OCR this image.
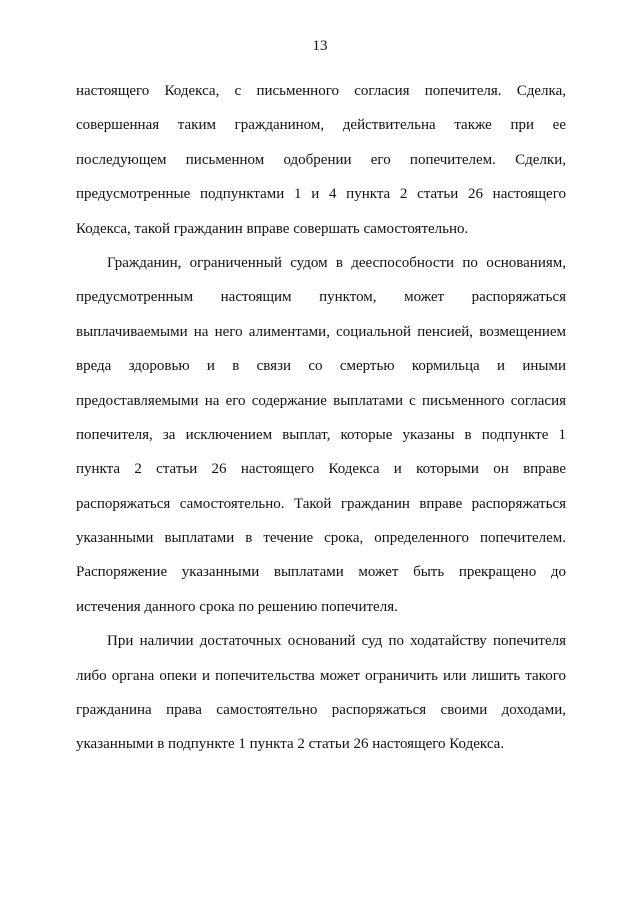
13
настоящего Кодекса, с письменного согласия попечителя. Сделка,
совершенная таким гражданином, действительна также при ее
последующем письменном одобрении его попечителем. Сделки,
предусмотренные подпунктами 1 и 4 пункта 2 статьи 26 настоящего
Кодекса, такой гражданин вправе совершать самостоятельно.
Гражданин, ограниченный судом в дееспособности по основаниям,
предусмотренным настоящим пунктом, может распоряжаться
выплачиваемыми на него алиментами, социальной пенсией, возмещением
вреда здоровью и в связи со смертью кормильца и иными
предоставляемыми на его содержание выплатами с письменного согласия
попечителя, за исключением выплат, которые указаны в подпункте 1
пункта 2 статьи 26 настоящего Кодекса и которыми он вправе
распоряжаться самостоятельно. Такой гражданин вправе распоряжаться
указанными выплатами в течение срока, определенного попечителем.
Распоряжение указанными выплатами может быть прекращено до
истечения данного срока по решению попечителя.
При наличии достаточных оснований суд по ходатайству попечителя
либо органа опеки и попечительства может ограничить или лишить такого
гражданина права самостоятельно распоряжаться своими доходами,
указанными в подпункте 1 пункта 2 статьи 26 настоящего Кодекса.
